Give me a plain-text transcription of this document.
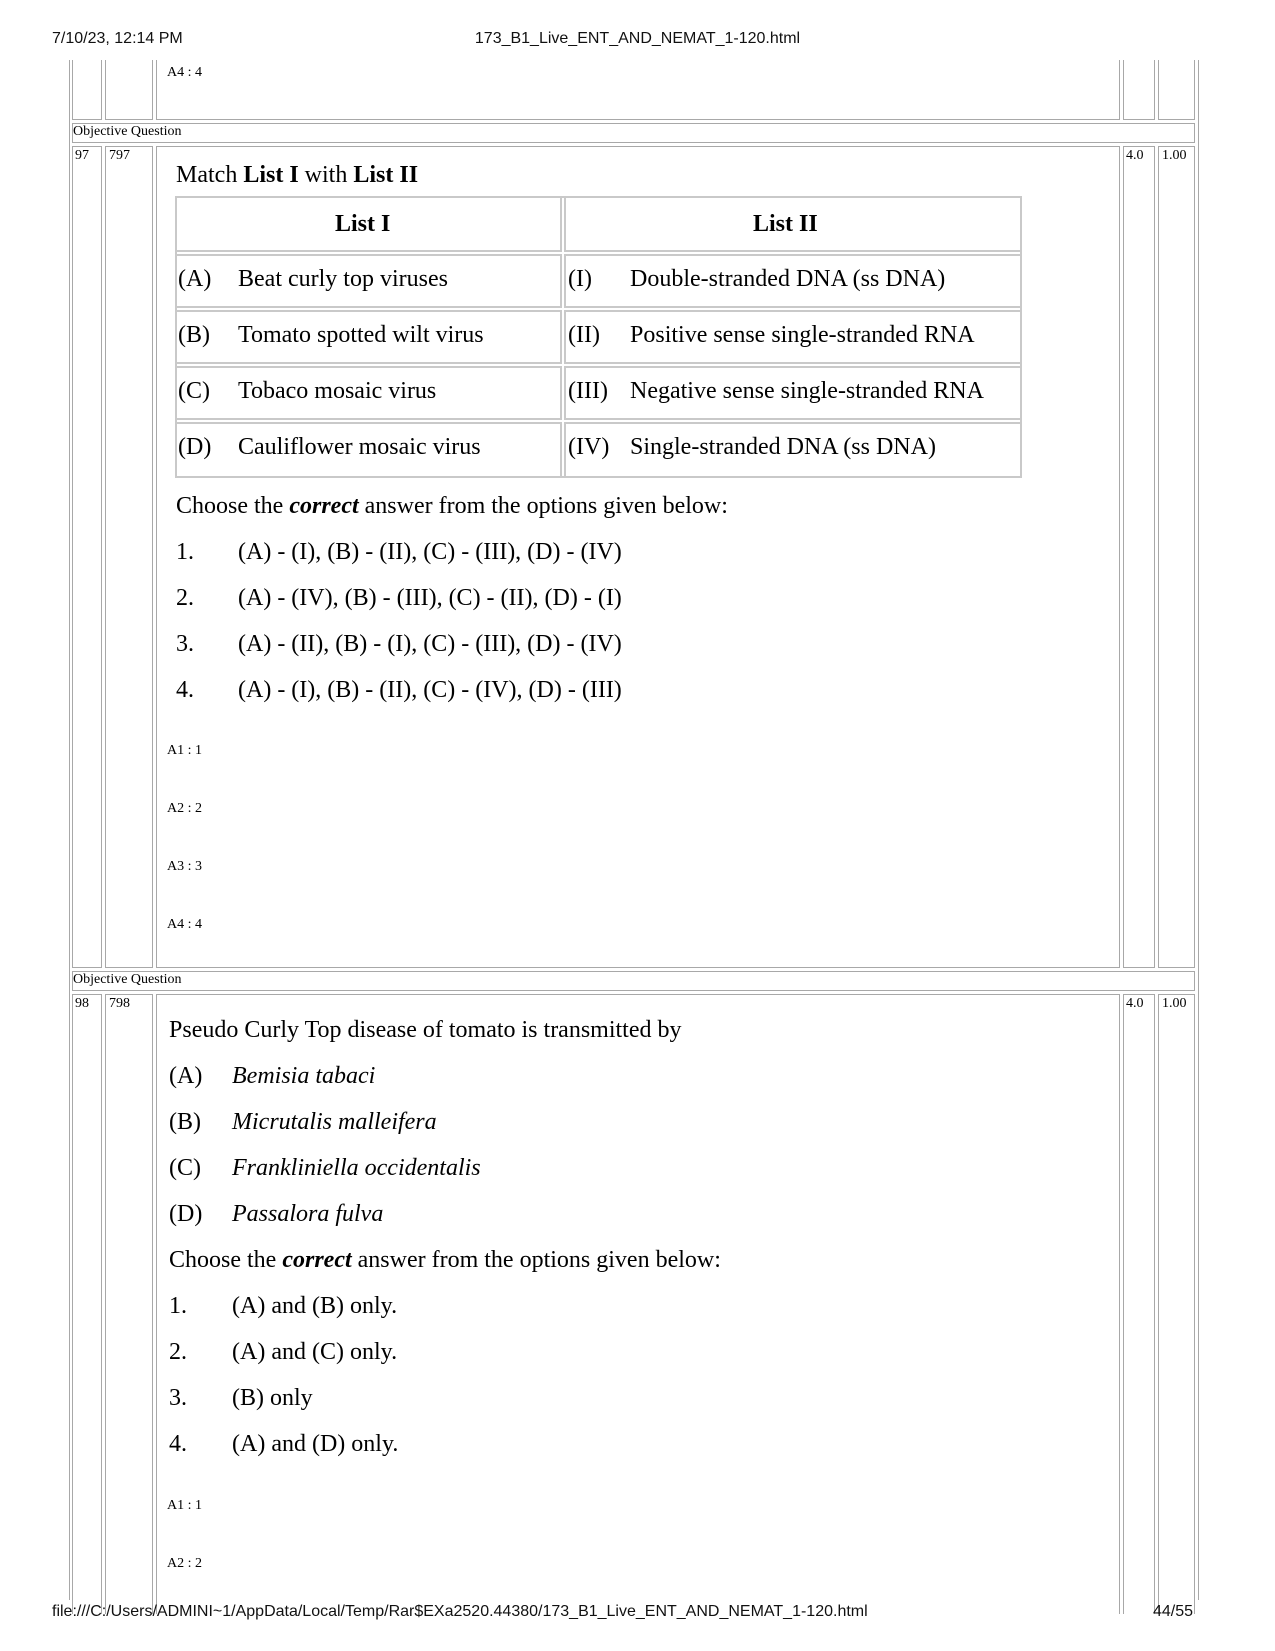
7/10/23, 12:14 PM	173_B1_Live_ENT_AND_NEMAT_1-120.html
A4 : 4
Objective Question
97 797	4.0 1.00
Objective Question
98 798	4.0 1.00
Match List I with List II
List I	List II
(A) Beat curly top viruses	(I) Double-stranded DNA (ss DNA)
(B) Tomato spotted wilt virus	(II) Positive sense single-stranded RNA
(C) Tobaco mosaic virus	(III) Negative sense single-stranded RNA
(D) Cauliflower mosaic virus	(IV) Single-stranded DNA (ss DNA)
Choose the correct answer from the options given below:
1. (A) - (I), (B) - (II), (C) - (III), (D) - (IV)
2. (A) - (IV), (B) - (III), (C) - (II), (D) - (I)
3. (A) - (II), (B) - (I), (C) - (III), (D) - (IV)
4. (A) - (I), (B) - (II), (C) - (IV), (D) - (III)
A1 : 1
A2 : 2
A3 : 3
A4 : 4
Pseudo Curly Top disease of tomato is transmitted by
(A) Bemisia tabaci
(B) Micrutalis malleifera
(C) Frankliniella occidentalis
(D) Passalora fulva
Choose the correct answer from the options given below:
1. (A) and (B) only.
2. (A) and (C) only.
3. (B) only
4. (A) and (D) only.
A1 : 1
A2 : 2
file:///C:/Users/ADMINI~1/AppData/Local/Temp/Rar$EXa2520.44380/173_B1_Live_ENT_AND_NEMAT_1-120.html	44/55
